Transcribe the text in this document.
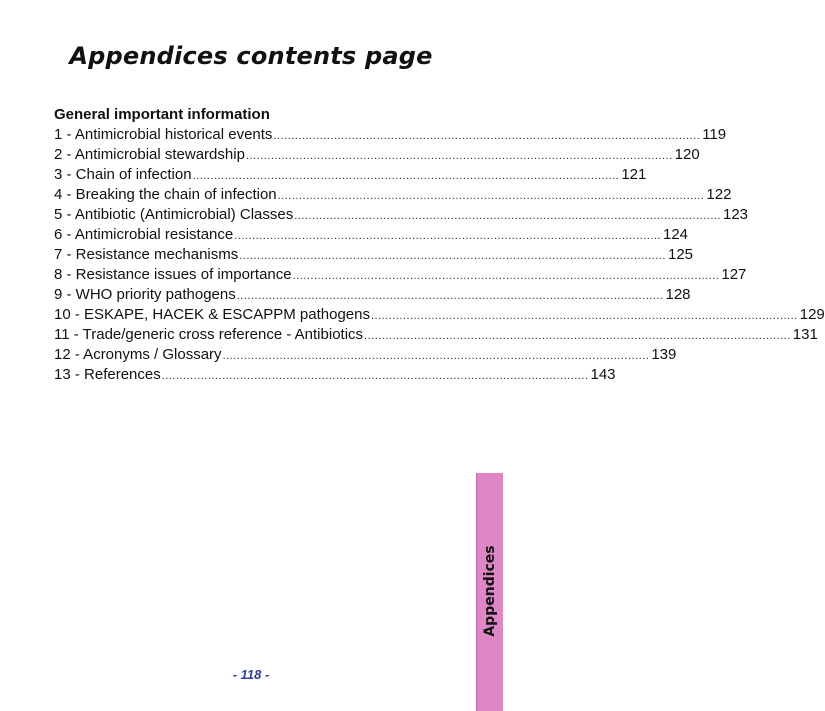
Appendices contents page
General important information
1 - Antimicrobial historical events ........................................................................................................................ 119
2 - Antimicrobial stewardship ........................................................................................................................ 120
3 - Chain of infection ........................................................................................................................ 121
4 - Breaking the chain of infection ........................................................................................................................ 122
5 - Antibiotic (Antimicrobial) Classes ........................................................................................................................ 123
6 - Antimicrobial resistance ........................................................................................................................ 124
7 - Resistance mechanisms ........................................................................................................................ 125
8 - Resistance issues of importance ........................................................................................................................ 127
9 - WHO priority pathogens ........................................................................................................................ 128
10 - ESKAPE, HACEK & ESCAPPM pathogens ........................................................................................................................ 129
11 - Trade/generic cross reference - Antibiotics ........................................................................................................................ 131
12 - Acronyms / Glossary ........................................................................................................................ 139
13 - References ........................................................................................................................ 143
Appendices
- 118 -
